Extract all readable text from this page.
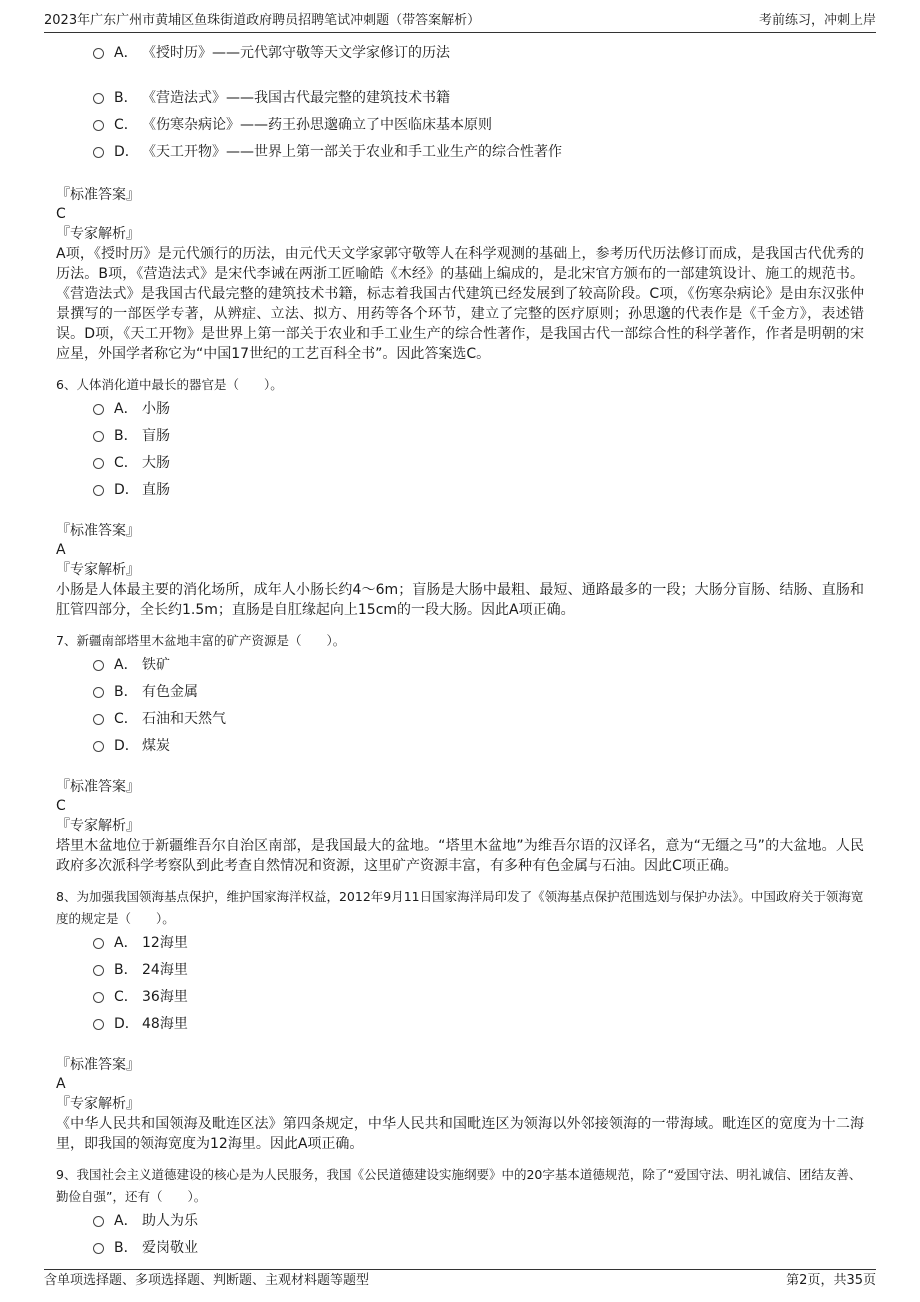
2023年广东广州市黄埔区鱼珠街道政府聘员招聘笔试冲刺题（带答案解析）	考前练习，冲刺上岸
A． 《授时历》——元代郭守敬等天文学家修订的历法
B． 《营造法式》——我国古代最完整的建筑技术书籍
C． 《伤寒杂病论》——药王孙思邈确立了中医临床基本原则
D． 《天工开物》——世界上第一部关于农业和手工业生产的综合性著作
『标准答案』
C
『专家解析』
A项，《授时历》是元代颁行的历法，由元代天文学家郭守敬等人在科学观测的基础上，参考历代历法修订而成，是我国古代优秀的历法。B项，《营造法式》是宋代李诫在两浙工匠喻皓《木经》的基础上编成的，是北宋官方颁布的一部建筑设计、施工的规范书。《营造法式》是我国古代最完整的建筑技术书籍，标志着我国古代建筑已经发展到了较高阶段。C项，《伤寒杂病论》是由东汉张仲景撰写的一部医学专著，从辨症、立法、拟方、用药等各个环节，建立了完整的医疗原则；孙思邈的代表作是《千金方》，表述错误。D项，《天工开物》是世界上第一部关于农业和手工业生产的综合性著作，是我国古代一部综合性的科学著作，作者是明朝的宋应星，外国学者称它为“中国17世纪的工艺百科全书”。因此答案选C。
6、人体消化道中最长的器官是（　　）。
A． 小肠
B． 盲肠
C． 大肠
D． 直肠
『标准答案』
A
『专家解析』
小肠是人体最主要的消化场所，成年人小肠长约4～6m；盲肠是大肠中最粗、最短、通路最多的一段；大肠分盲肠、结肠、直肠和肛管四部分，全长约1.5m；直肠是自肛缘起向上15cm的一段大肠。因此A项正确。
7、新疆南部塔里木盆地丰富的矿产资源是（　　）。
A． 铁矿
B． 有色金属
C． 石油和天然气
D． 煤炭
『标准答案』
C
『专家解析』
塔里木盆地位于新疆维吾尔自治区南部，是我国最大的盆地。“塔里木盆地”为维吾尔语的汉译名，意为“无缰之马”的大盆地。人民政府多次派科学考察队到此考查自然情况和资源，这里矿产资源丰富，有多种有色金属与石油。因此C项正确。
8、为加强我国领海基点保护，维护国家海洋权益，2012年9月11日国家海洋局印发了《领海基点保护范围选划与保护办法》。中国政府关于领海宽度的规定是（　　）。
A． 12海里
B． 24海里
C． 36海里
D． 48海里
『标准答案』
A
『专家解析』
《中华人民共和国领海及毗连区法》第四条规定，中华人民共和国毗连区为领海以外邻接领海的一带海域。毗连区的宽度为十二海里，即我国的领海宽度为12海里。因此A项正确。
9、我国社会主义道德建设的核心是为人民服务，我国《公民道德建设实施纲要》中的20字基本道德规范，除了“爱国守法、明礼诚信、团结友善、勤俭自强”，还有（　　）。
A． 助人为乐
B． 爱岗敬业
含单项选择题、多项选择题、判断题、主观材料题等题型	第2页，共35页
